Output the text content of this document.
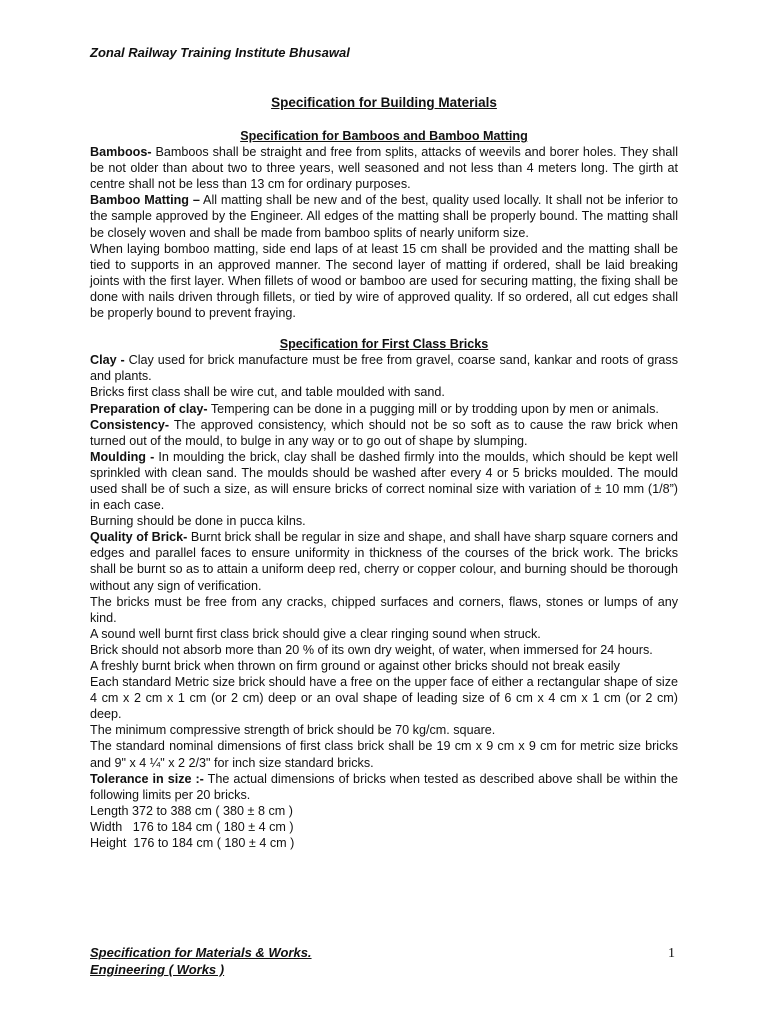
Zonal Railway Training Institute Bhusawal
Specification for Building Materials
Specification for Bamboos and Bamboo Matting

Bamboos- Bamboos shall be straight and free from splits, attacks of weevils and borer holes. They shall be not older than about two to three years, well seasoned and not less than 4 meters long. The girth at centre shall not be less than 13 cm for ordinary purposes.

Bamboo Matting – All matting shall be new and of the best, quality used locally. It shall not be inferior to the sample approved by the Engineer. All edges of the matting shall be properly bound. The matting shall be closely woven and shall be made from bamboo splits of nearly uniform size.

When laying bomboo matting, side end laps of at least 15 cm shall be provided and the matting shall be tied to supports in an approved manner. The second layer of matting if ordered, shall be laid breaking joints with the first layer. When fillets of wood or bamboo are used for securing matting, the fixing shall be done with nails driven through fillets, or tied by wire of approved quality. If so ordered, all cut edges shall be properly bound to prevent fraying.

Specification for First Class Bricks

Clay - Clay used for brick manufacture must be free from gravel, coarse sand, kankar and roots of grass and plants.

Bricks first class shall be wire cut, and table moulded with sand.

Preparation of clay- Tempering can be done in a pugging mill or by trodding upon by men or animals.

Consistency- The approved consistency, which should not be so soft as to cause the raw brick when turned out of the mould, to bulge in any way or to go out of shape by slumping.

Moulding - In moulding the brick, clay shall be dashed firmly into the moulds, which should be kept well sprinkled with clean sand. The moulds should be washed after every 4 or 5 bricks moulded. The mould used shall be of such a size, as will ensure bricks of correct nominal size with variation of ± 10 mm (1/8”) in each case.

Burning should be done in pucca kilns.

Quality of Brick- Burnt brick shall be regular in size and shape, and shall have sharp square corners and edges and parallel faces to ensure uniformity in thickness of the courses of the brick work. The bricks shall be burnt so as to attain a uniform deep red, cherry or copper colour, and burning should be thorough without any sign of verification.

The bricks must be free from any cracks, chipped surfaces and corners, flaws, stones or lumps of any kind.

A sound well burnt first class brick should give a clear ringing sound when struck.

Brick should not absorb more than 20 % of its own dry weight, of water, when immersed for 24 hours.

A freshly burnt brick when thrown on firm ground or against other bricks should not break easily

Each standard Metric size brick should have a free on the upper face of either a rectangular shape of size 4 cm x 2 cm x 1 cm (or 2 cm) deep or an oval shape of leading size of 6 cm x 4 cm x 1 cm (or 2 cm) deep.

The minimum compressive strength of brick should be 70 kg/cm. square.

The standard nominal dimensions of first class brick shall be 19 cm x 9 cm x 9 cm for metric size bricks and 9" x 4 ¼" x 2 2/3" for inch size standard bricks.

Tolerance in size :- The actual dimensions of bricks when tested as described above shall be within the following limits per 20 bricks.

Length 372 to 388 cm ( 380 ± 8 cm )

Width   176 to 184 cm ( 180 ± 4 cm )

Height  176 to 184 cm ( 180 ± 4 cm )

Specification for Materials & Works.
Engineering ( Works )
1
